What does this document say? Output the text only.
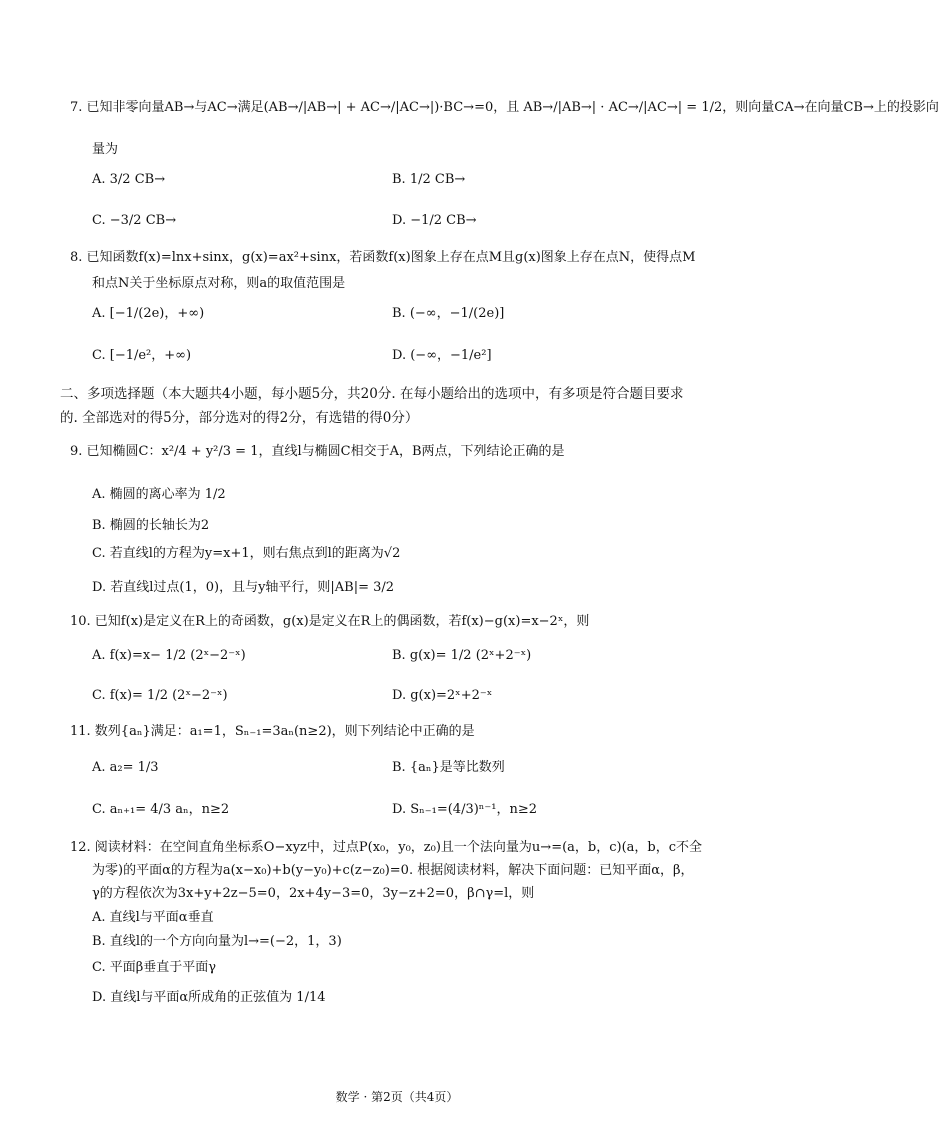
7. 已知非零向量AB→与AC→满足(AB→/|AB→| + AC→/|AC→|)·BC→=0，且 AB→/|AB→| · AC→/|AC→| = 1/2，则向量CA→在向量CB→上的投影向
量为
A. 3/2 CB→	B. 1/2 CB→
C. −3/2 CB→	D. −1/2 CB→
8. 已知函数f(x)=lnx+sinx，g(x)=ax²+sinx，若函数f(x)图象上存在点M且g(x)图象上存在点N，使得点M
和点N关于坐标原点对称，则a的取值范围是
A. [−1/(2e)，+∞)	B. (−∞，−1/(2e)]
C. [−1/e²，+∞)	D. (−∞，−1/e²]
二、多项选择题（本大题共4小题，每小题5分，共20分. 在每小题给出的选项中，有多项是符合题目要求
的. 全部选对的得5分，部分选对的得2分，有选错的得0分）
9. 已知椭圆C：x²/4 + y²/3 = 1，直线l与椭圆C相交于A，B两点，下列结论正确的是
A. 椭圆的离心率为 1/2
B. 椭圆的长轴长为2
C. 若直线l的方程为y=x+1，则右焦点到l的距离为√2
D. 若直线l过点(1，0)，且与y轴平行，则|AB|= 3/2
10. 已知f(x)是定义在R上的奇函数，g(x)是定义在R上的偶函数，若f(x)−g(x)=x−2ˣ，则
A. f(x)=x− 1/2 (2ˣ−2⁻ˣ)	B. g(x)= 1/2 (2ˣ+2⁻ˣ)
C. f(x)= 1/2 (2ˣ−2⁻ˣ)	D. g(x)=2ˣ+2⁻ˣ
11. 数列{aₙ}满足：a₁=1，Sₙ₋₁=3aₙ(n≥2)，则下列结论中正确的是
A. a₂= 1/3	B. {aₙ}是等比数列
C. aₙ₊₁= 4/3 aₙ，n≥2	D. Sₙ₋₁=(4/3)ⁿ⁻¹，n≥2
12. 阅读材料：在空间直角坐标系O−xyz中，过点P(x₀，y₀，z₀)且一个法向量为u→=(a，b，c)(a，b，c不全
为零)的平面α的方程为a(x−x₀)+b(y−y₀)+c(z−z₀)=0. 根据阅读材料，解决下面问题：已知平面α，β，
γ的方程依次为3x+y+2z−5=0，2x+4y−3=0，3y−z+2=0，β∩γ=l，则
A. 直线l与平面α垂直
B. 直线l的一个方向向量为l→=(−2，1，3)
C. 平面β垂直于平面γ
D. 直线l与平面α所成角的正弦值为 1/14
数学 · 第2页（共4页）
